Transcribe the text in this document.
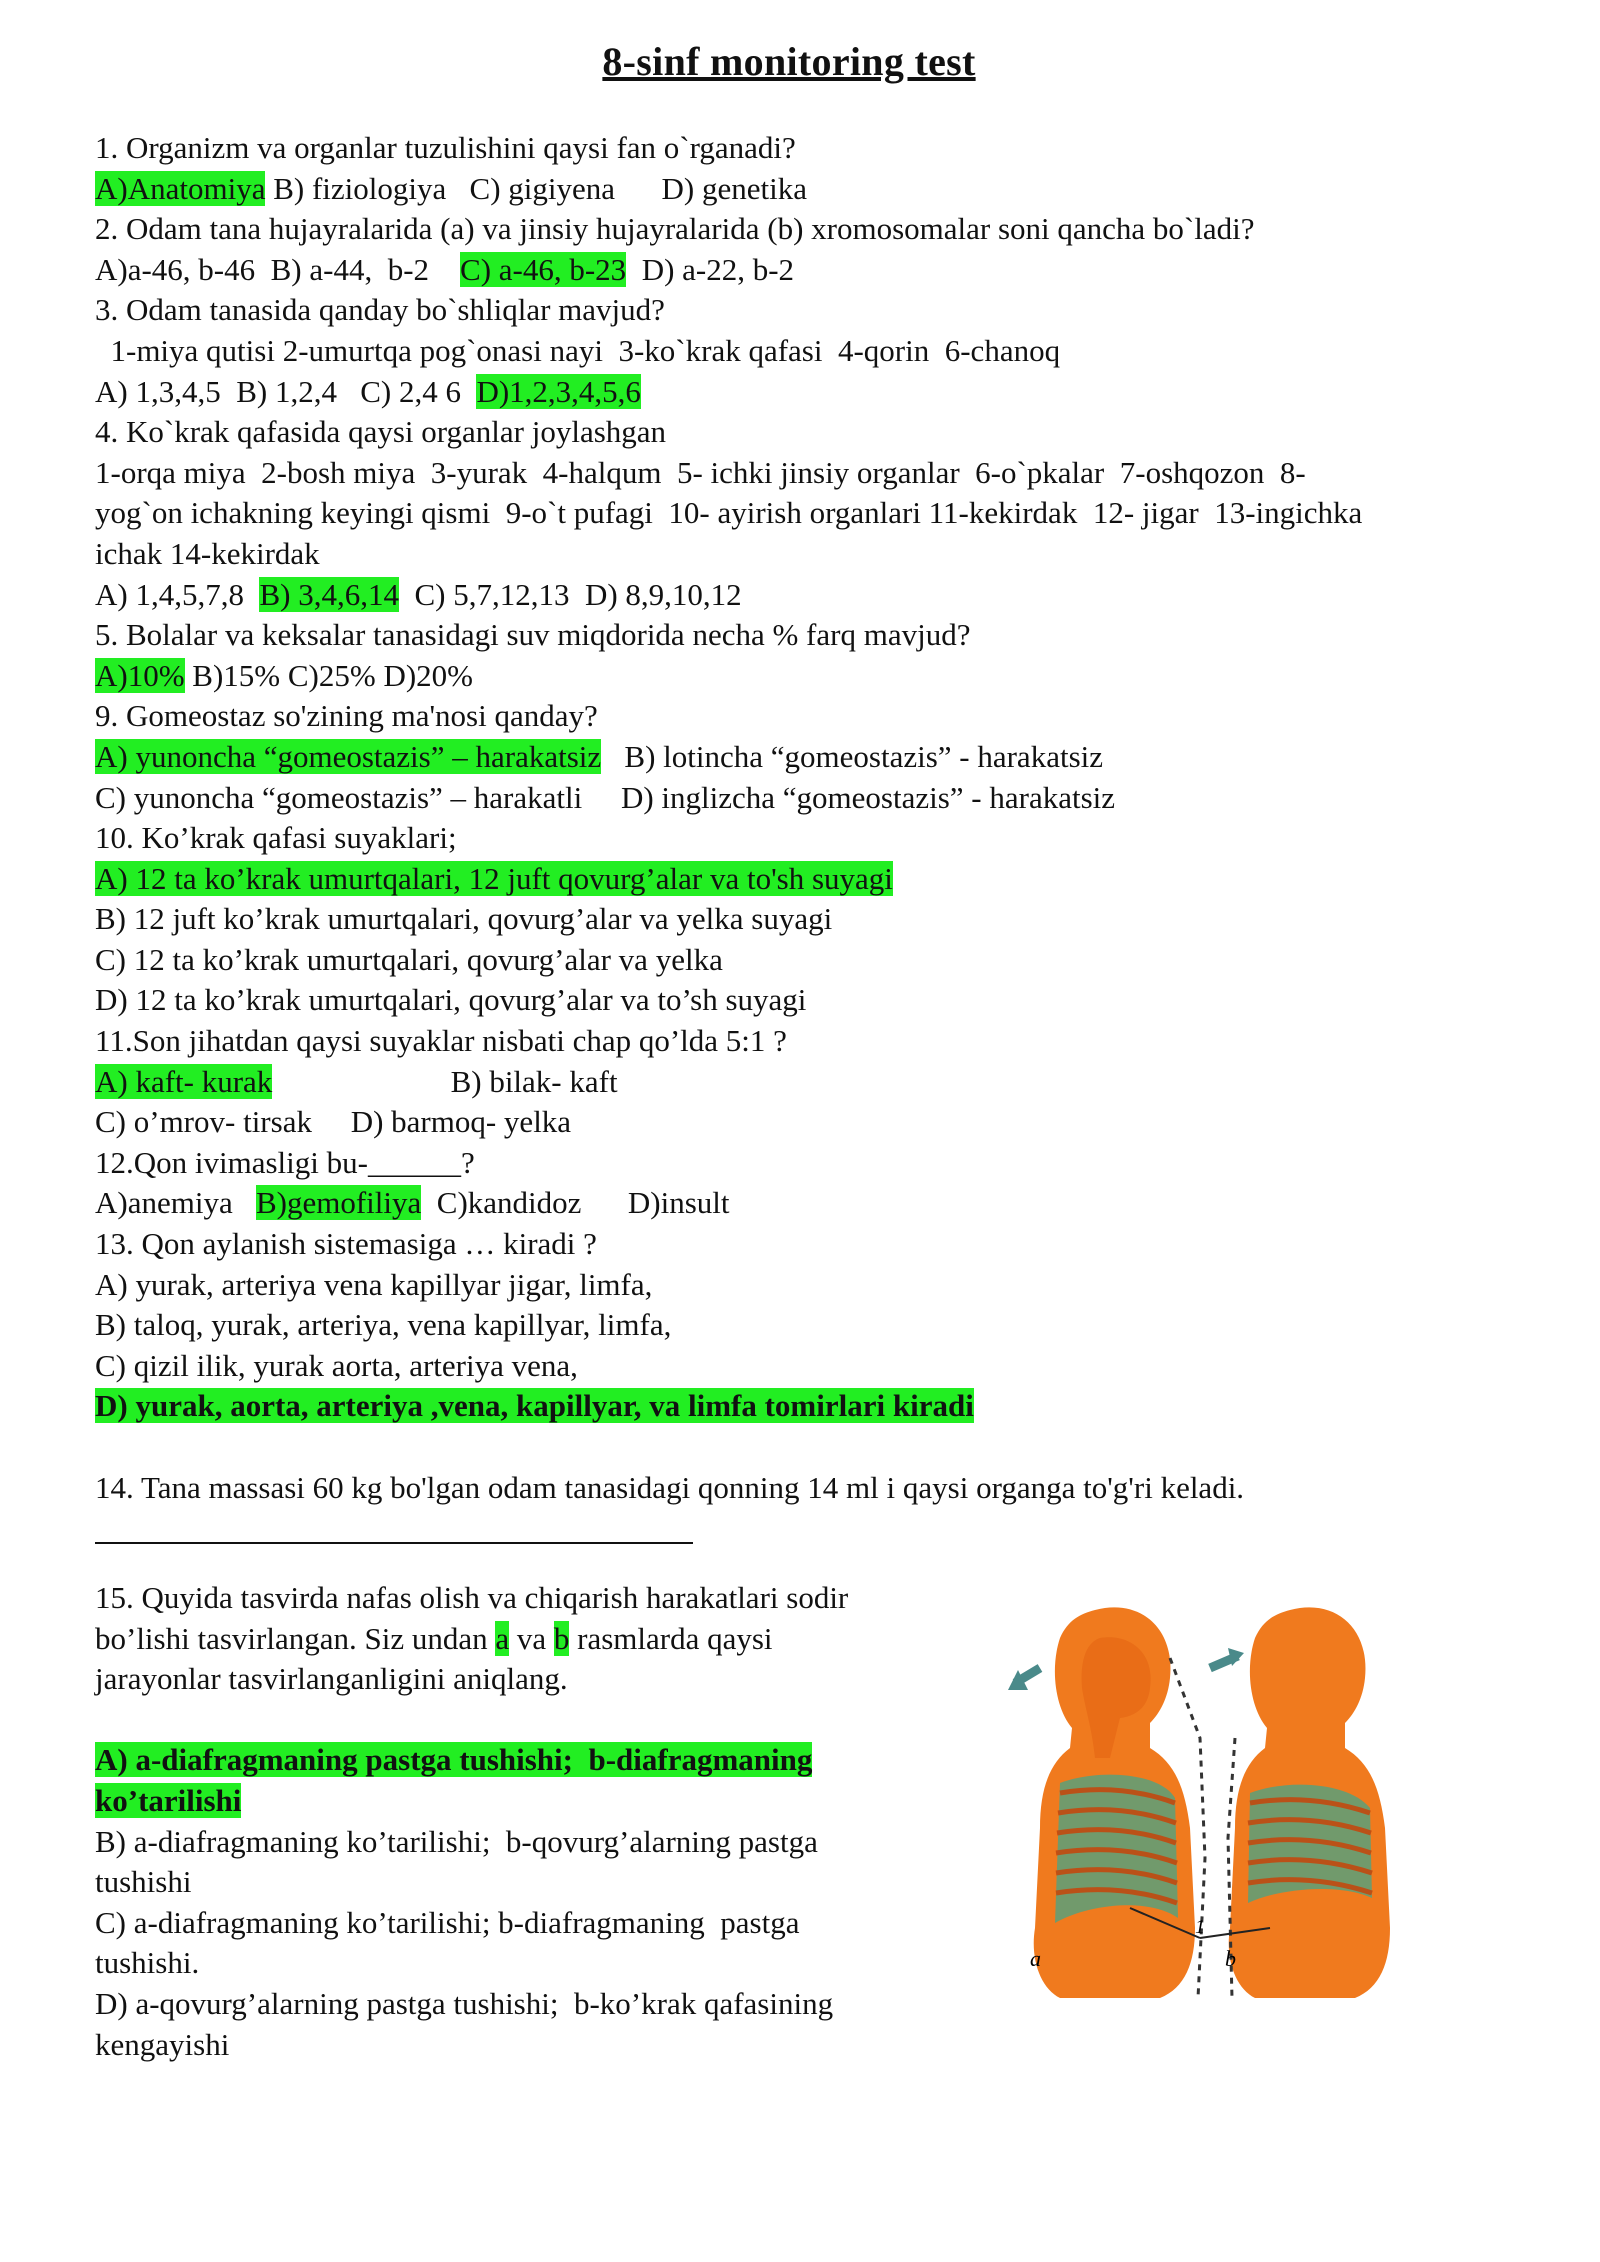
8-sinf monitoring test
1. Organizm va organlar tuzulishini qaysi fan o`rganadi?
A)Anatomiya B) fiziologiya   C) gigiyena      D) genetika
2. Odam tana hujayralarida (a) va jinsiy hujayralarida (b) xromosomalar soni qancha bo`ladi?
A)a-46, b-46  B) a-44,  b-2    C) a-46, b-23  D) a-22, b-2
3. Odam tanasida qanday bo`shliqlar mavjud?
1-miya qutisi 2-umurtqa pog`onasi nayi  3-ko`krak qafasi  4-qorin  6-chanoq
A) 1,3,4,5  B) 1,2,4   C) 2,4 6  D)1,2,3,4,5,6
4. Ko`krak qafasida qaysi organlar joylashgan
1-orqa miya  2-bosh miya  3-yurak  4-halqum  5- ichki jinsiy organlar  6-o`pkalar  7-oshqozon  8-
yog`on ichakning keyingi qismi  9-o`t pufagi  10- ayirish organlari 11-kekirdak  12- jigar  13-ingichka
ichak 14-kekirdak
A) 1,4,5,7,8  B) 3,4,6,14  C) 5,7,12,13  D) 8,9,10,12
5. Bolalar va keksalar tanasidagi suv miqdorida necha % farq mavjud?
A)10% B)15% C)25% D)20%
9. Gomeostaz so'zining ma'nosi qanday?
A) yunoncha “gomeostazis” – harakatsiz   B) lotincha “gomeostazis” - harakatsiz
C) yunoncha “gomeostazis” – harakatli     D) inglizcha “gomeostazis” - harakatsiz
10. Ko’krak qafasi suyaklari;
A) 12 ta ko’krak umurtqalari, 12 juft qovurg’alar va to'sh suyagi
B) 12 juft ko’krak umurtqalari, qovurg’alar va yelka suyagi
C) 12 ta ko’krak umurtqalari, qovurg’alar va yelka
D) 12 ta ko’krak umurtqalari, qovurg’alar va to’sh suyagi
11.Son jihatdan qaysi suyaklar nisbati chap qo’lda 5:1 ?
A) kaft- kurak                       B) bilak- kaft
C) o’mrov- tirsak     D) barmoq- yelka
12.Qon ivimasligi bu-______?
A)anemiya   B)gemofiliya  C)kandidoz      D)insult
13. Qon aylanish sistemasiga … kiradi ?
A) yurak, arteriya vena kapillyar jigar, limfa,
B) taloq, yurak, arteriya, vena kapillyar, limfa,
C) qizil ilik, yurak aorta, arteriya vena,
D) yurak, aorta, arteriya ,vena, kapillyar, va limfa tomirlari kiradi
14. Tana massasi 60 kg bo'lgan odam tanasidagi qonning 14 ml i qaysi organga to'g'ri keladi.
15. Quyida tasvirda nafas olish va chiqarish harakatlari sodir
bo’lishi tasvirlangan. Siz undan a va b rasmlarda qaysi
jarayonlar tasvirlanganligini aniqlang.
A) a-diafragmaning pastga tushishi;  b-diafragmaning
ko’tarilishi
B) a-diafragmaning ko’tarilishi;  b-qovurg’alarning pastga
tushishi
C) a-diafragmaning ko’tarilishi; b-diafragmaning  pastga
tushishi.
D) a-qovurg’alarning pastga tushishi;  b-ko’krak qafasining
kengayishi
a	b
1
